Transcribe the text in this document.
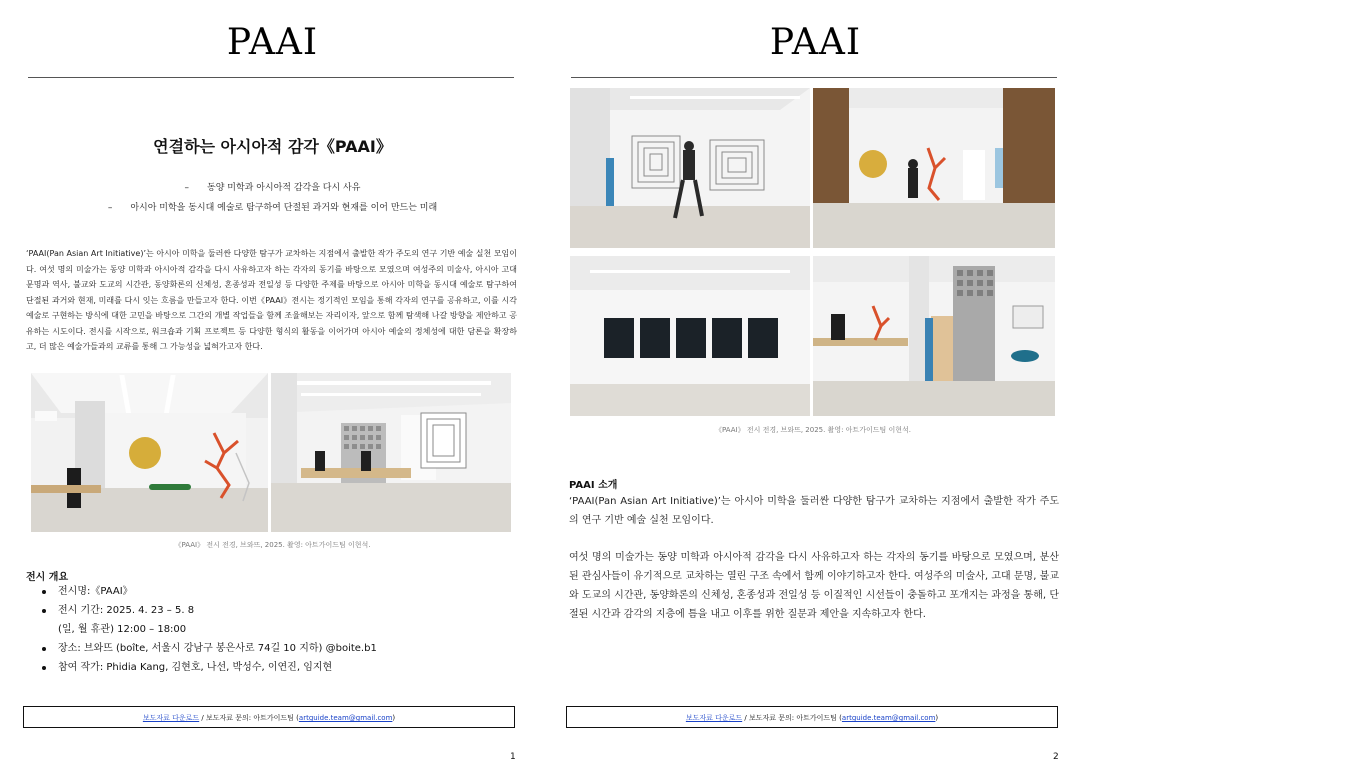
PAAI
연결하는 아시아적 감각《PAAI》
– 동양 미학과 아시아적 감각을 다시 사유
– 아시아 미학을 동시대 예술로 탐구하여 단절된 과거와 현재를 이어 만드는 미래
‘PAAI(Pan Asian Art Initiative)’는 아시아 미학을 둘러싼 다양한 탐구가 교차하는 지점에서 출발한 작가 주도의 연구 기반 예술 실천 모임이다. 여섯 명의 미술가는 동양 미학과 아시아적 감각을 다시 사유하고자 하는 각자의 동기를 바탕으로 모였으며 여성주의 미술사, 아시아 고대 문명과 역사, 불교와 도교의 시간관, 동양화론의 신체성, 혼종성과 전일성 등 다양한 주제를 바탕으로 아시아 미학을 동시대 예술로 탐구하여 단절된 과거와 현재, 미래를 다시 잇는 흐름을 만들고자 한다. 이번《PAAI》전시는 정기적인 모임을 통해 각자의 연구를 공유하고, 이를 시각예술로 구현하는 방식에 대한 고민을 바탕으로 그간의 개별 작업들을 함께 조율해보는 자리이자, 앞으로 함께 탐색해 나갈 방향을 제안하고 공유하는 시도이다. 전시를 시작으로, 워크숍과 기획 프로젝트 등 다양한 형식의 활동을 이어가며 아시아 예술의 정체성에 대한 담론을 확장하고, 더 많은 예술가들과의 교류를 통해 그 가능성을 넓혀가고자 한다.
《PAAI》 전시 전경, 브와뜨, 2025. 촬영: 아트가이드팀 이현석.
전시 개요
전시명:《PAAI》
전시 기간: 2025. 4. 23 – 5. 8
(일, 월 휴관) 12:00 – 18:00
장소: 브와뜨 (boîte, 서울시 강남구 봉은사로 74길 10 지하) @boite.b1
참여 작가: Phidia Kang, 김현호, 나선, 박성수, 이연진, 임지현
보도자료 다운로드 / 보도자료 문의: 아트가이드팀 (artguide.team@gmail.com)
1
PAAI
《PAAI》 전시 전경, 브와뜨, 2025. 촬영: 아트가이드팀 이현석.
PAAI 소개
‘PAAI(Pan Asian Art Initiative)’는 아시아 미학을 둘러싼 다양한 탐구가 교차하는 지점에서 출발한 작가 주도의 연구 기반 예술 실천 모임이다.
여섯 명의 미술가는 동양 미학과 아시아적 감각을 다시 사유하고자 하는 각자의 동기를 바탕으로 모였으며, 분산된 관심사들이 유기적으로 교차하는 열린 구조 속에서 함께 이야기하고자 한다. 여성주의 미술사, 고대 문명, 불교와 도교의 시간관, 동양화론의 신체성, 혼종성과 전일성 등 이질적인 시선들이 충돌하고 포개지는 과정을 통해, 단절된 시간과 감각의 지층에 틈을 내고 이후를 위한 질문과 제안을 지속하고자 한다.
보도자료 다운로드 / 보도자료 문의: 아트가이드팀 (artguide.team@gmail.com)
2
